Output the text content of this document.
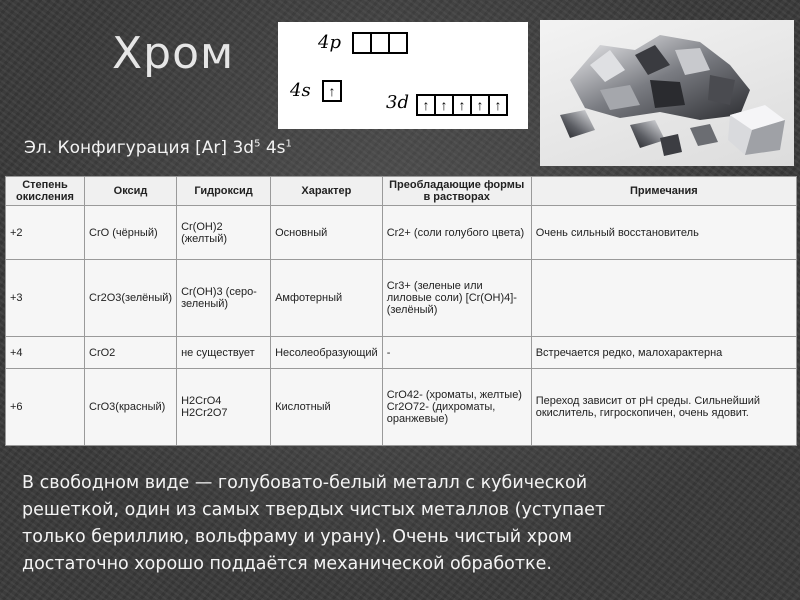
Хром	4p
4s	↑
3d ↑ ↑ ↑ ↑ ↑
Эл. Конфигурация [Ar] $3d^5$ $4s^1$
Степень окисления	Оксид	Гидроксид	Характер	Преобладающие формы в растворах	Примечания
+2	CrO (чёрный)	Cr(OH)2 (желтый)	Основный	Cr2+ (соли голубого цвета)	Очень сильный восстановитель
+3	Cr2O3(зелёный)	Cr(OH)3 (серо-зеленый)	Амфотерный	Cr3+ (зеленые или лиловые соли) [Cr(OH)4]- (зелёный)	
+4	CrO2	не существует	Несолеобразующий	-	Встречается редко, малохарактерна
+6	CrO3(красный)	H2CrO4 H2Cr2O7	Кислотный	CrO42- (хроматы, желтые) Cr2O72- (дихроматы, оранжевые)	Переход зависит от pH среды. Сильнейший окислитель, гигроскопичен, очень ядовит.

В свободном виде — голубовато-белый металл с кубической

решеткой, один из самых твердых чистых металлов (уступает

только бериллию, вольфраму и урану). Очень чистый хром

достаточно хорошо поддаётся механической обработке.
